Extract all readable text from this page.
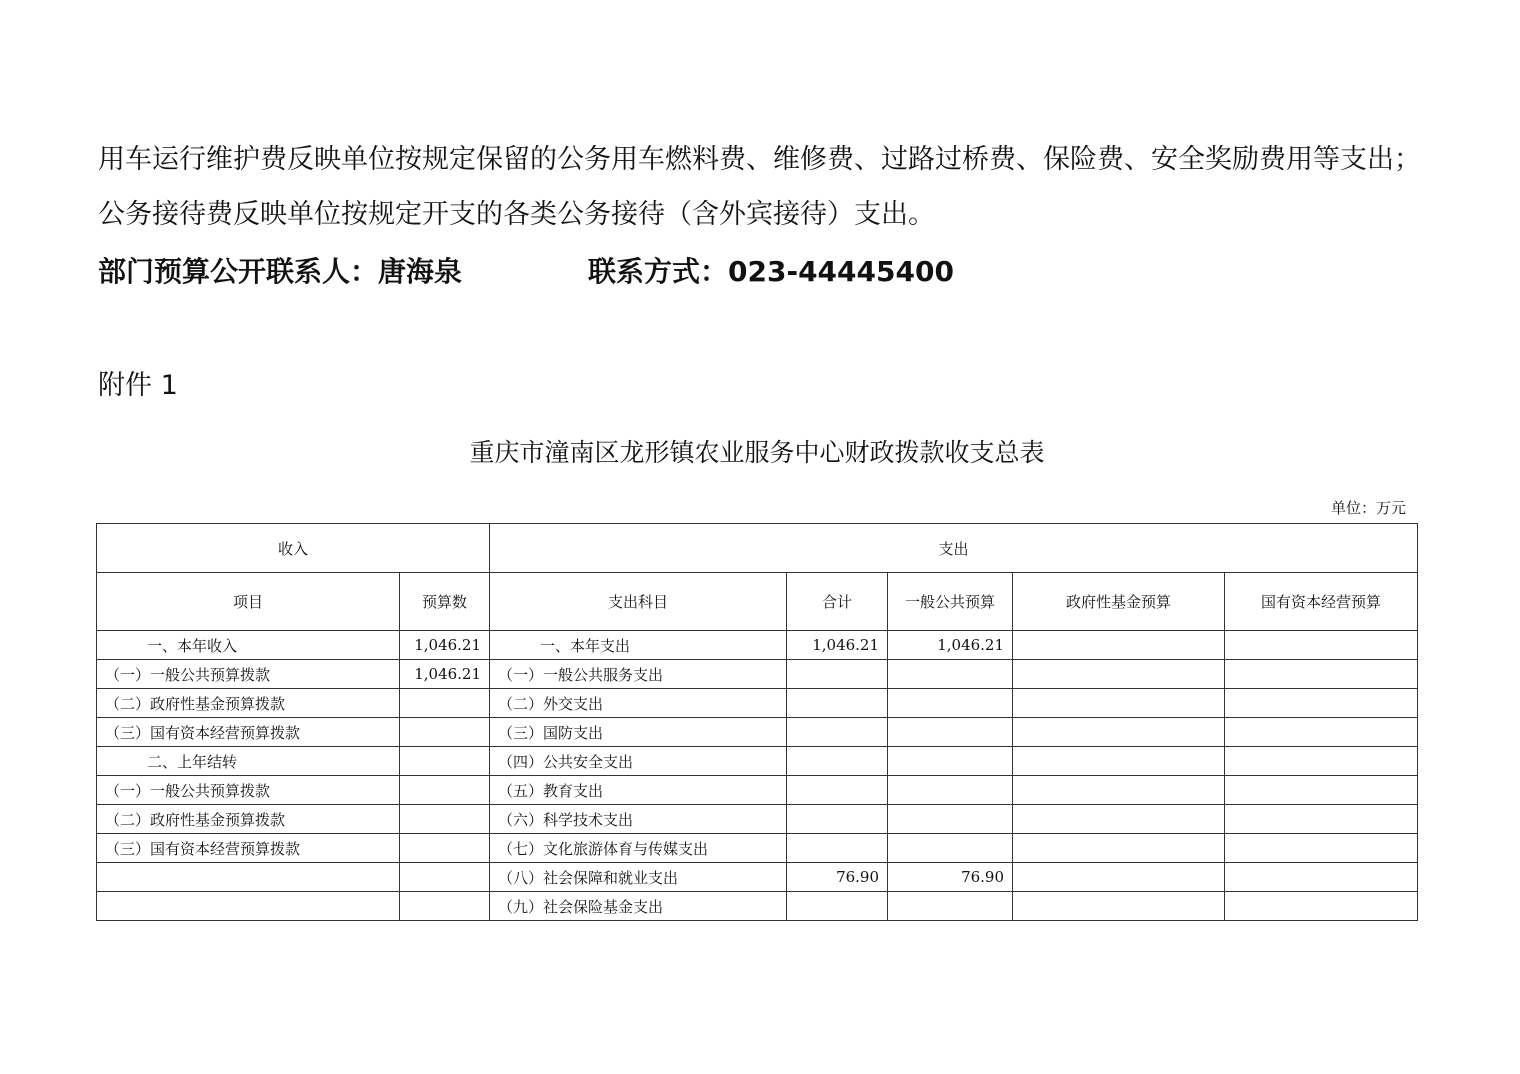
用车运行维护费反映单位按规定保留的公务用车燃料费、维修费、过路过桥费、保险费、安全奖励费用等支出；
公务接待费反映单位按规定开支的各类公务接待（含外宾接待）支出。
部门预算公开联系人：唐海泉	联系方式：023-44445400
附件 1
重庆市潼南区龙形镇农业服务中心财政拨款收支总表
单位：万元
收入		支出				
项目	预算数	支出科目	合计	一般公共预算	政府性基金预算	国有资本经营预算
一、本年收入	1,046.21	一、本年支出	1,046.21	1,046.21		
（一）一般公共预算拨款	1,046.21	（一）一般公共服务支出				
（二）政府性基金预算拨款		（二）外交支出				
（三）国有资本经营预算拨款		（三）国防支出				
二、上年结转		（四）公共安全支出				
（一）一般公共预算拨款		（五）教育支出				
（二）政府性基金预算拨款		（六）科学技术支出				
（三）国有资本经营预算拨款		（七）文化旅游体育与传媒支出				
		（八）社会保障和就业支出	76.90	76.90		
		（九）社会保险基金支出				
